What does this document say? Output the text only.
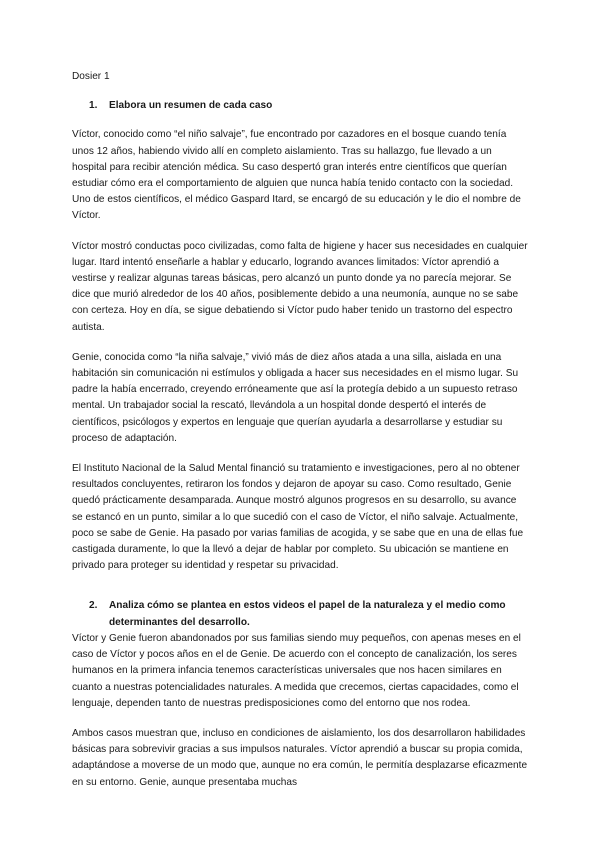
Dosier 1
1.	Elabora un resumen de cada caso

Víctor, conocido como “el niño salvaje”, fue encontrado por cazadores en el bosque cuando tenía unos 12 años, habiendo vivido allí en completo aislamiento. Tras su hallazgo, fue llevado a un hospital para recibir atención médica. Su caso despertó gran interés entre científicos que querían estudiar cómo era el comportamiento de alguien que nunca había tenido contacto con la sociedad. Uno de estos científicos, el médico Gaspard Itard, se encargó de su educación y le dio el nombre de Víctor.

Víctor mostró conductas poco civilizadas, como falta de higiene y hacer sus necesidades en cualquier lugar. Itard intentó enseñarle a hablar y educarlo, logrando avances limitados: Víctor aprendió a vestirse y realizar algunas tareas básicas, pero alcanzó un punto donde ya no parecía mejorar. Se dice que murió alrededor de los 40 años, posiblemente debido a una neumonía, aunque no se sabe con certeza. Hoy en día, se sigue debatiendo si Víctor pudo haber tenido un trastorno del espectro autista.

Genie, conocida como “la niña salvaje,” vivió más de diez años atada a una silla, aislada en una habitación sin comunicación ni estímulos y obligada a hacer sus necesidades en el mismo lugar. Su padre la había encerrado, creyendo erróneamente que así la protegía debido a un supuesto retraso mental. Un trabajador social la rescató, llevándola a un hospital donde despertó el interés de científicos, psicólogos y expertos en lenguaje que querían ayudarla a desarrollarse y estudiar su proceso de adaptación.

El Instituto Nacional de la Salud Mental financió su tratamiento e investigaciones, pero al no obtener resultados concluyentes, retiraron los fondos y dejaron de apoyar su caso. Como resultado, Genie quedó prácticamente desamparada. Aunque mostró algunos progresos en su desarrollo, su avance se estancó en un punto, similar a lo que sucedió con el caso de Víctor, el niño salvaje. Actualmente, poco se sabe de Genie. Ha pasado por varias familias de acogida, y se sabe que en una de ellas fue castigada duramente, lo que la llevó a dejar de hablar por completo. Su ubicación se mantiene en privado para proteger su identidad y respetar su privacidad.

2.	Analiza cómo se plantea en estos videos el papel de la naturaleza y el medio como determinantes del desarrollo.

Víctor y Genie fueron abandonados por sus familias siendo muy pequeños, con apenas meses en el caso de Víctor y pocos años en el de Genie. De acuerdo con el concepto de canalización, los seres humanos en la primera infancia tenemos características universales que nos hacen similares en cuanto a nuestras potencialidades naturales. A medida que crecemos, ciertas capacidades, como el lenguaje, dependen tanto de nuestras predisposiciones como del entorno que nos rodea.

Ambos casos muestran que, incluso en condiciones de aislamiento, los dos desarrollaron habilidades básicas para sobrevivir gracias a sus impulsos naturales. Víctor aprendió a buscar su propia comida, adaptándose a moverse de un modo que, aunque no era común, le permitía desplazarse eficazmente en su entorno. Genie, aunque presentaba muchas
